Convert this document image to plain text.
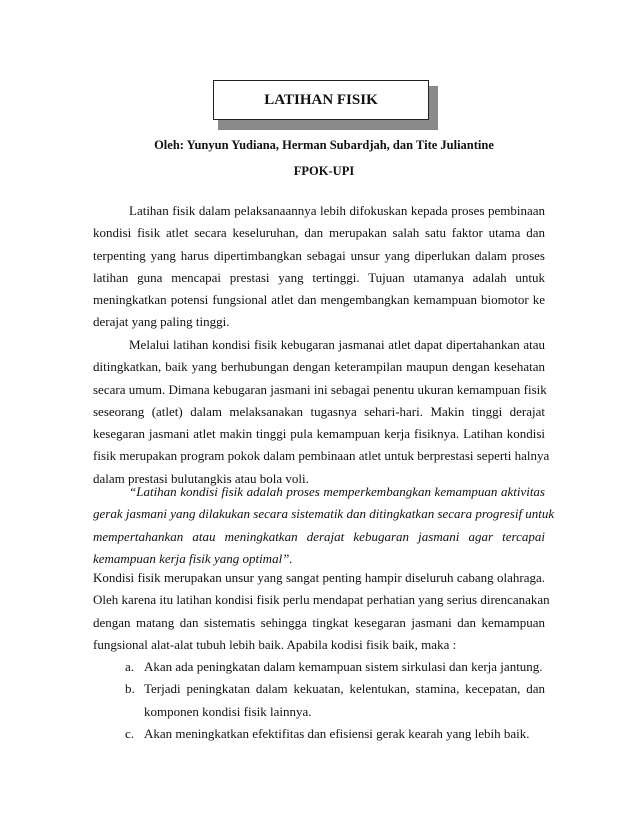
LATIHAN FISIK
Oleh: Yunyun Yudiana, Herman Subardjah, dan Tite Juliantine
FPOK-UPI
Latihan fisik dalam pelaksanaannya lebih difokuskan kepada proses pembinaan
kondisi fisik atlet secara keseluruhan, dan merupakan salah satu faktor utama dan
terpenting yang harus dipertimbangkan sebagai unsur yang diperlukan dalam proses
latihan guna mencapai prestasi yang tertinggi. Tujuan utamanya adalah untuk
meningkatkan potensi fungsional atlet dan mengembangkan kemampuan biomotor ke
derajat yang paling tinggi.
Melalui latihan kondisi fisik kebugaran jasmanai atlet dapat dipertahankan atau
ditingkatkan, baik yang berhubungan dengan keterampilan maupun dengan kesehatan
secara umum. Dimana kebugaran jasmani ini sebagai penentu ukuran kemampuan fisik
seseorang (atlet) dalam melaksanakan tugasnya sehari-hari. Makin tinggi derajat
kesegaran jasmani atlet makin tinggi pula kemampuan kerja fisiknya. Latihan kondisi
fisik merupakan program pokok dalam pembinaan atlet untuk berprestasi seperti halnya
dalam prestasi bulutangkis atau bola voli.
“Latihan kondisi fisik adalah proses memperkembangkan kemampuan aktivitas
gerak jasmani yang dilakukan secara sistematik dan ditingkatkan secara progresif untuk
mempertahankan atau meningkatkan derajat kebugaran jasmani agar tercapai
kemampuan kerja fisik yang optimal”.
Kondisi fisik merupakan unsur yang sangat penting hampir diseluruh cabang olahraga.
Oleh karena itu latihan kondisi fisik perlu mendapat perhatian yang serius direncanakan
dengan matang dan sistematis sehingga tingkat kesegaran jasmani dan kemampuan
fungsional alat-alat tubuh lebih baik. Apabila kodisi fisik baik, maka :
a. Akan ada peningkatan dalam kemampuan sistem sirkulasi dan kerja jantung.
b. Terjadi peningkatan dalam kekuatan, kelentukan, stamina, kecepatan, dan
komponen kondisi fisik lainnya.
c. Akan meningkatkan efektifitas dan efisiensi gerak kearah yang lebih baik.
